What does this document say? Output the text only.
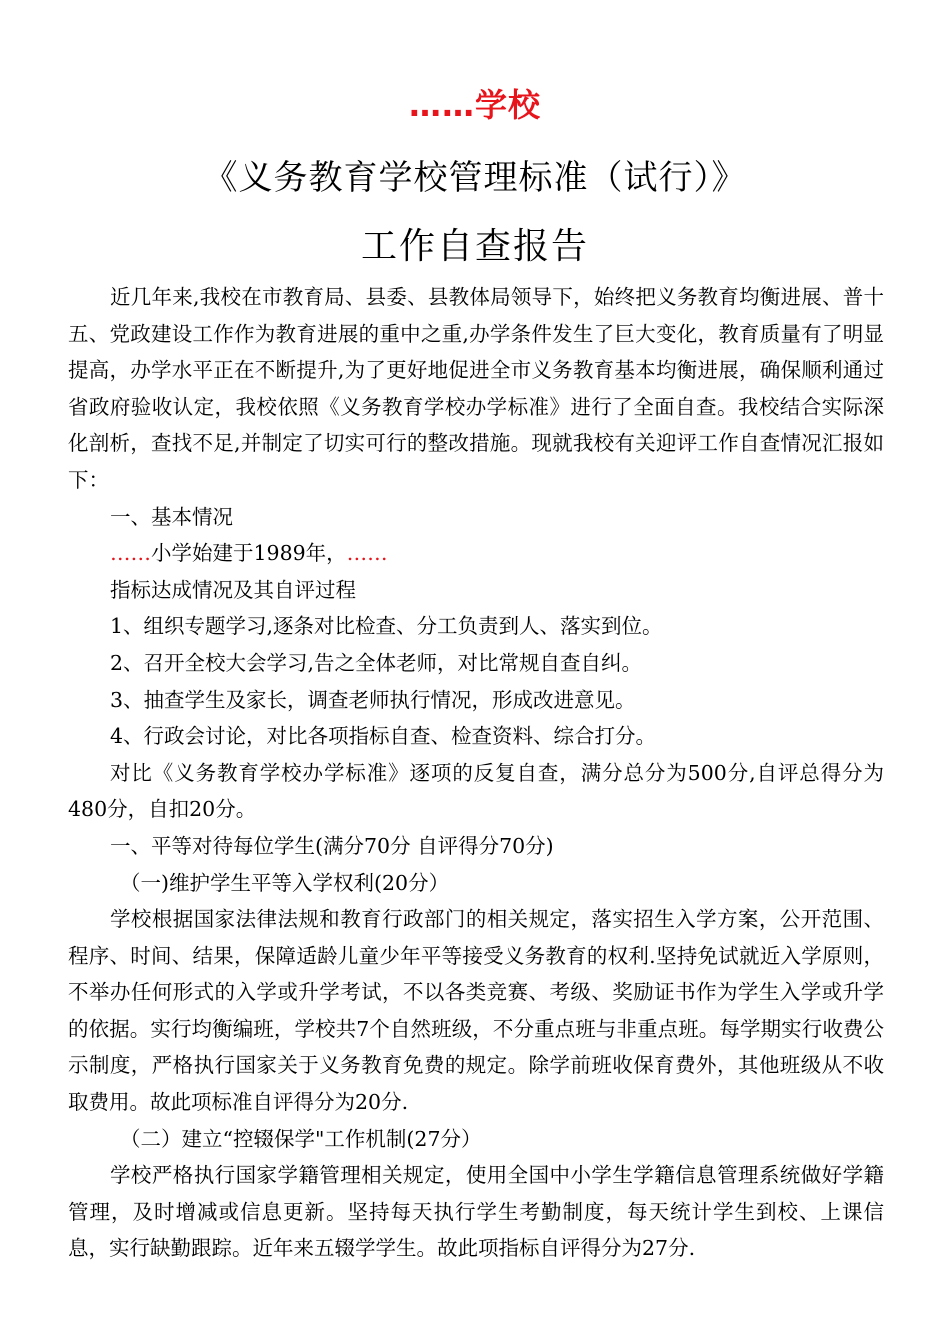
……学校
《义务教育学校管理标准（试行）》
工作自查报告

近几年来,我校在市教育局、县委、县教体局领导下，始终把义务教育均衡进展、普十五、党政建设工作作为教育进展的重中之重,办学条件发生了巨大变化，教育质量有了明显提高，办学水平正在不断提升,为了更好地促进全市义务教育基本均衡进展，确保顺利通过省政府验收认定，我校依照《义务教育学校办学标准》进行了全面自查。我校结合实际深化剖析，查找不足,并制定了切实可行的整改措施。现就我校有关迎评工作自查情况汇报如下：

一、基本情况

……小学始建于1989年，……

指标达成情况及其自评过程

1、组织专题学习,逐条对比检查、分工负责到人、落实到位。

2、召开全校大会学习,告之全体老师，对比常规自查自纠。

3、抽查学生及家长，调查老师执行情况，形成改进意见。

4、行政会讨论，对比各项指标自查、检查资料、综合打分。

对比《义务教育学校办学标准》逐项的反复自查，满分总分为500分,自评总得分为480分，自扣20分。

一、平等对待每位学生(满分70分 自评得分70分)

（一)维护学生平等入学权利(20分）

学校根据国家法律法规和教育行政部门的相关规定，落实招生入学方案，公开范围、程序、时间、结果，保障适龄儿童少年平等接受义务教育的权利.坚持免试就近入学原则，不举办任何形式的入学或升学考试，不以各类竞赛、考级、奖励证书作为学生入学或升学的依据。实行均衡编班，学校共7个自然班级，不分重点班与非重点班。每学期实行收费公示制度，严格执行国家关于义务教育免费的规定。除学前班收保育费外，其他班级从不收取费用。故此项标准自评得分为20分.

（二）建立“控辍保学"工作机制(27分）

学校严格执行国家学籍管理相关规定，使用全国中小学生学籍信息管理系统做好学籍管理，及时增减或信息更新。坚持每天执行学生考勤制度，每天统计学生到校、上课信息，实行缺勤跟踪。近年来五辍学学生。故此项指标自评得分为27分.
